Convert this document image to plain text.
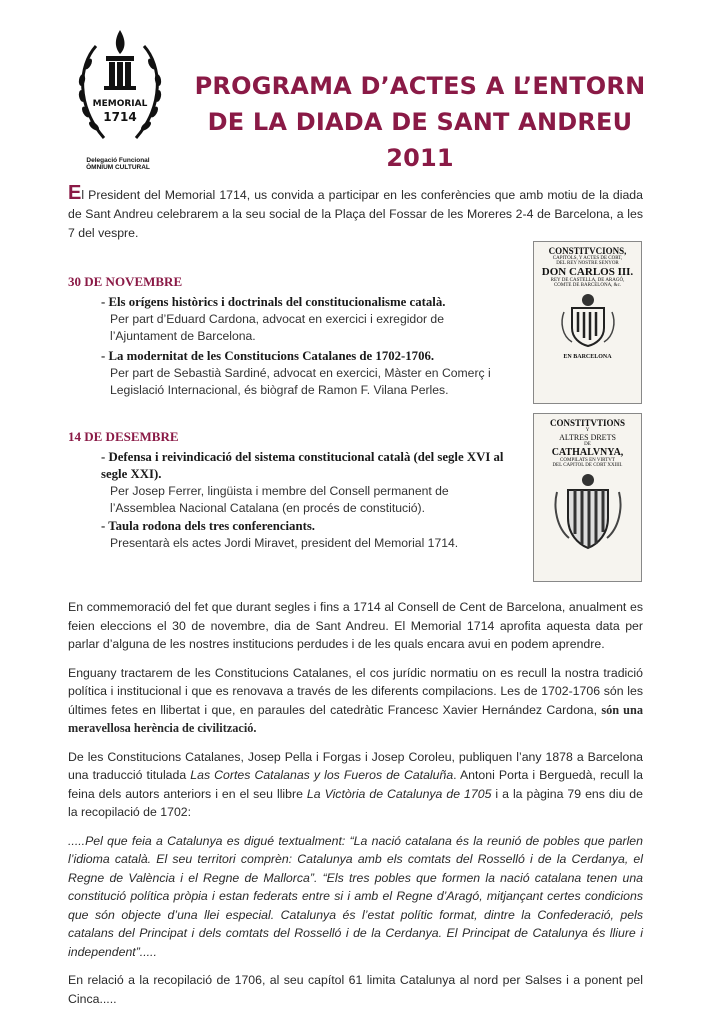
MEMORIAL
1714
Delegació Funcional
ÒMNIUM CULTURAL
PROGRAMA D’ACTES A L’ENTORN
DE LA DIADA DE SANT ANDREU
2011
El President del Memorial 1714, us convida a participar en les conferències que amb motiu de la diada de Sant Andreu celebrarem a la seu social de la Plaça del Fossar de les Moreres 2-4 de Barcelona, a les 7 del vespre.
30 DE NOVEMBRE
- Els orígens històrics i doctrinals del constitucionalisme català.
Per part d’Eduard Cardona, advocat en exercici i exregidor de l’Ajuntament de Barcelona.
- La modernitat de les Constitucions Catalanes de 1702-1706.
Per part de Sebastià Sardiné, advocat en exercici, Màster en Comerç i Legislació Internacional, és biògraf de Ramon F. Vilana Perles.
14 DE DESEMBRE
- Defensa i reivindicació del sistema constitucional català (del segle XVI al segle XXI).
Per Josep Ferrer, lingüista i membre del Consell permanent de l’Assemblea Nacional Catalana (en procés de constitució).
- Taula rodona dels tres conferenciants.
Presentarà els actes Jordi Miravet, president del Memorial 1714.
CONSTITVCIONS,
CAPITOLS, Y ACTES DE CORT,
DEL REY NOSTRE SENYOR
DON CARLOS III.
REY DE CASTELLA, DE ARAGÓ,
COMTE DE BARCELONA, &c.
EN BARCELONA
CONSTITVTIONS
Y
ALTRES DRETS
DE
CATHALVNYA,
COMPILATS EN VIRTVT
DEL CAPITOL DE CORT XXIIII.

En commemoració del fet que durant segles i fins a 1714 al Consell de Cent de Barcelona, anualment es feien eleccions el 30 de novembre, dia de Sant Andreu. El Memorial 1714 aprofita aquesta data per parlar d’alguna de les nostres institucions perdudes i de les quals encara avui en podem aprendre.

Enguany tractarem de les Constitucions Catalanes, el cos jurídic normatiu on es recull la nostra tradició política i institucional i que es renovava a través de les diferents compilacions. Les de 1702-1706 són les últimes fetes en llibertat i que, en paraules del catedràtic Francesc Xavier Hernández Cardona, són una meravellosa herència de civilització.

De les Constitucions Catalanes, Josep Pella i Forgas i Josep Coroleu, publiquen l’any 1878 a Barcelona una traducció titulada Las Cortes Catalanas y los Fueros de Cataluña. Antoni Porta i Berguedà, recull la feina dels autors anteriors i en el seu llibre La Victòria de Catalunya de 1705 i a la pàgina 79 ens diu de la recopilació de 1702:

.....Pel que feia a Catalunya es digué textualment: “La nació catalana és la reunió de pobles que parlen l’idioma català. El seu territori comprèn: Catalunya amb els comtats del Rosselló i de la Cerdanya, el Regne de València i el Regne de Mallorca”. “Els tres pobles que formen la nació catalana tenen una constitució política pròpia i estan federats entre si i amb el Regne d’Aragó, mitjançant certes condicions que són objecte d’una llei especial. Catalunya és l’estat polític format, dintre la Confederació, pels catalans del Principat i dels comtats del Rosselló i de la Cerdanya. El Principat de Catalunya és lliure i independent”.....

En relació a la recopilació de 1706, al seu capítol 61 limita Catalunya al nord per Salses i a ponent pel Cinca.....
